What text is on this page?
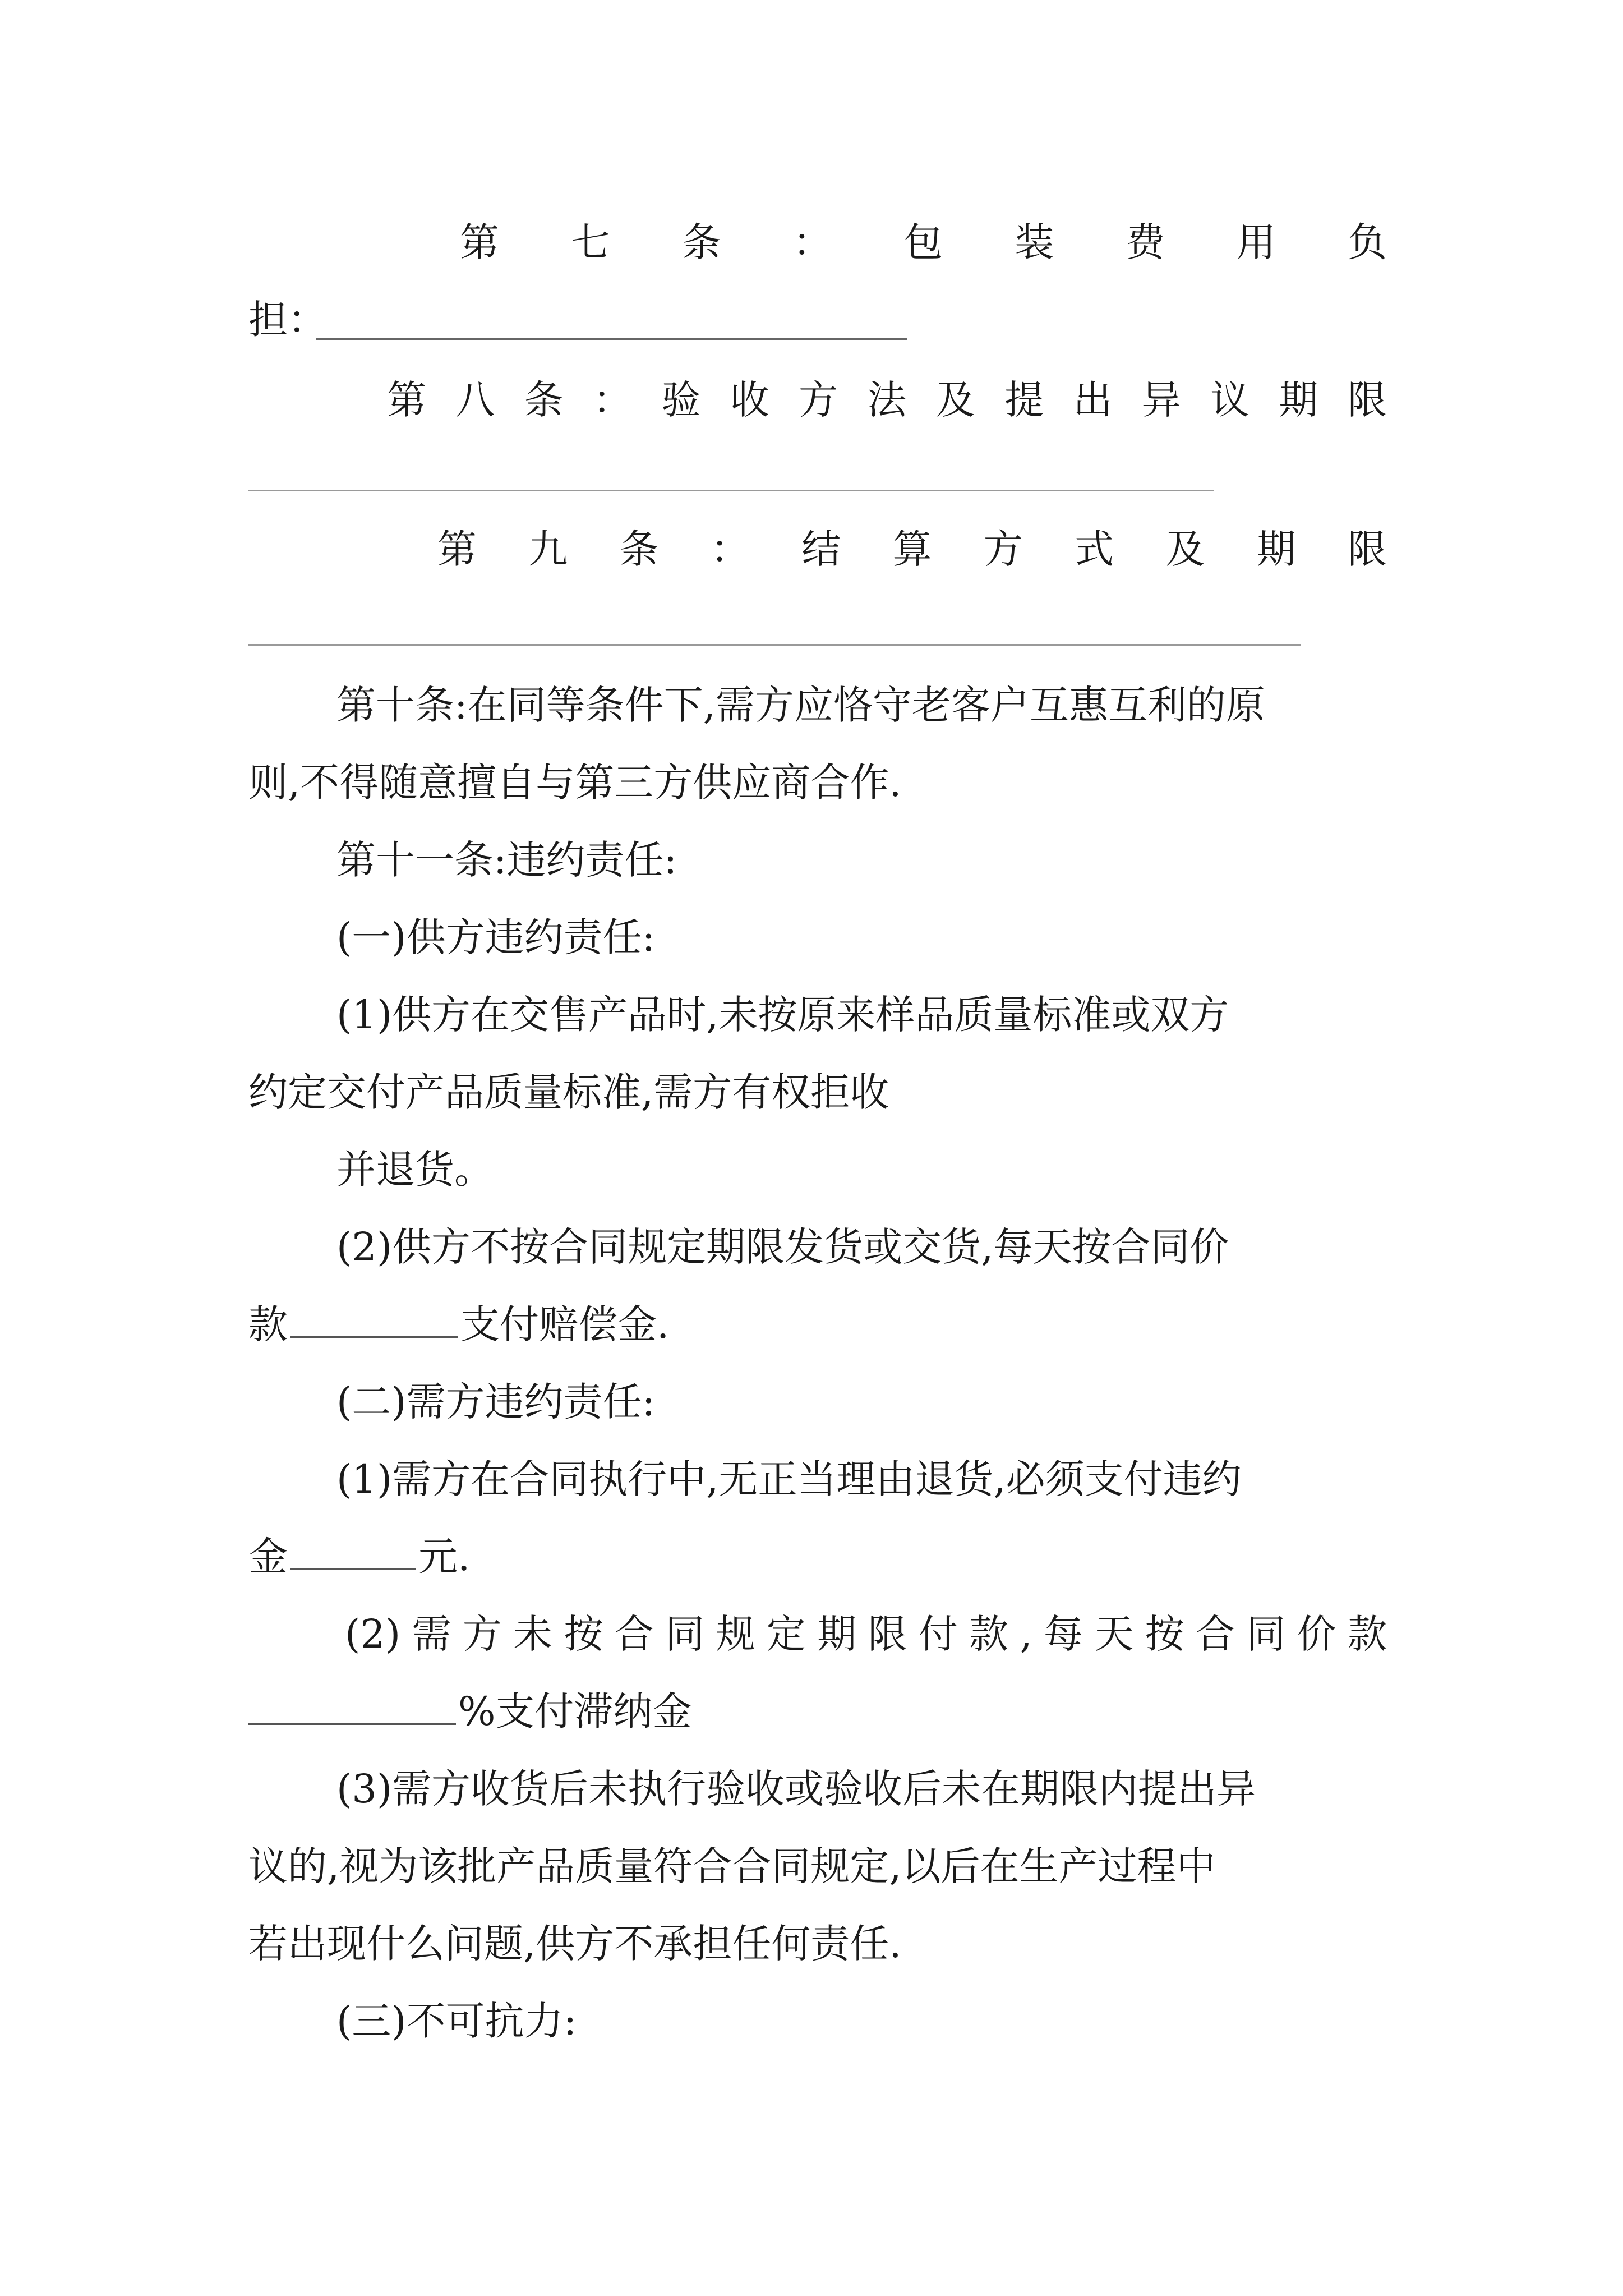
第 七 条 ： 包 装 费 用 负
担：
第 八 条 ： 验 收 方 法 及 提 出 异 议 期 限
第 九 条 ： 结 算 方 式 及 期 限
第十条:在同等条件下,需方应恪守老客户互惠互利的原
则,不得随意擅自与第三方供应商合作.
第十一条:违约责任:
(一)供方违约责任:
(1)供方在交售产品时,未按原来样品质量标准或双方
约定交付产品质量标准,需方有权拒收
并退货。
(2)供方不按合同规定期限发货或交货,每天按合同价
款	支付赔偿金.
(二)需方违约责任:
(1)需方在合同执行中,无正当理由退货,必须支付违约
金	元.
(2) 需 方 未 按 合 同 规 定 期 限 付 款 , 每 天 按 合 同 价 款
%支付滞纳金
(3)需方收货后未执行验收或验收后未在期限内提出异
议的,视为该批产品质量符合合同规定,以后在生产过程中
若出现什么问题,供方不承担任何责任.
(三)不可抗力:
